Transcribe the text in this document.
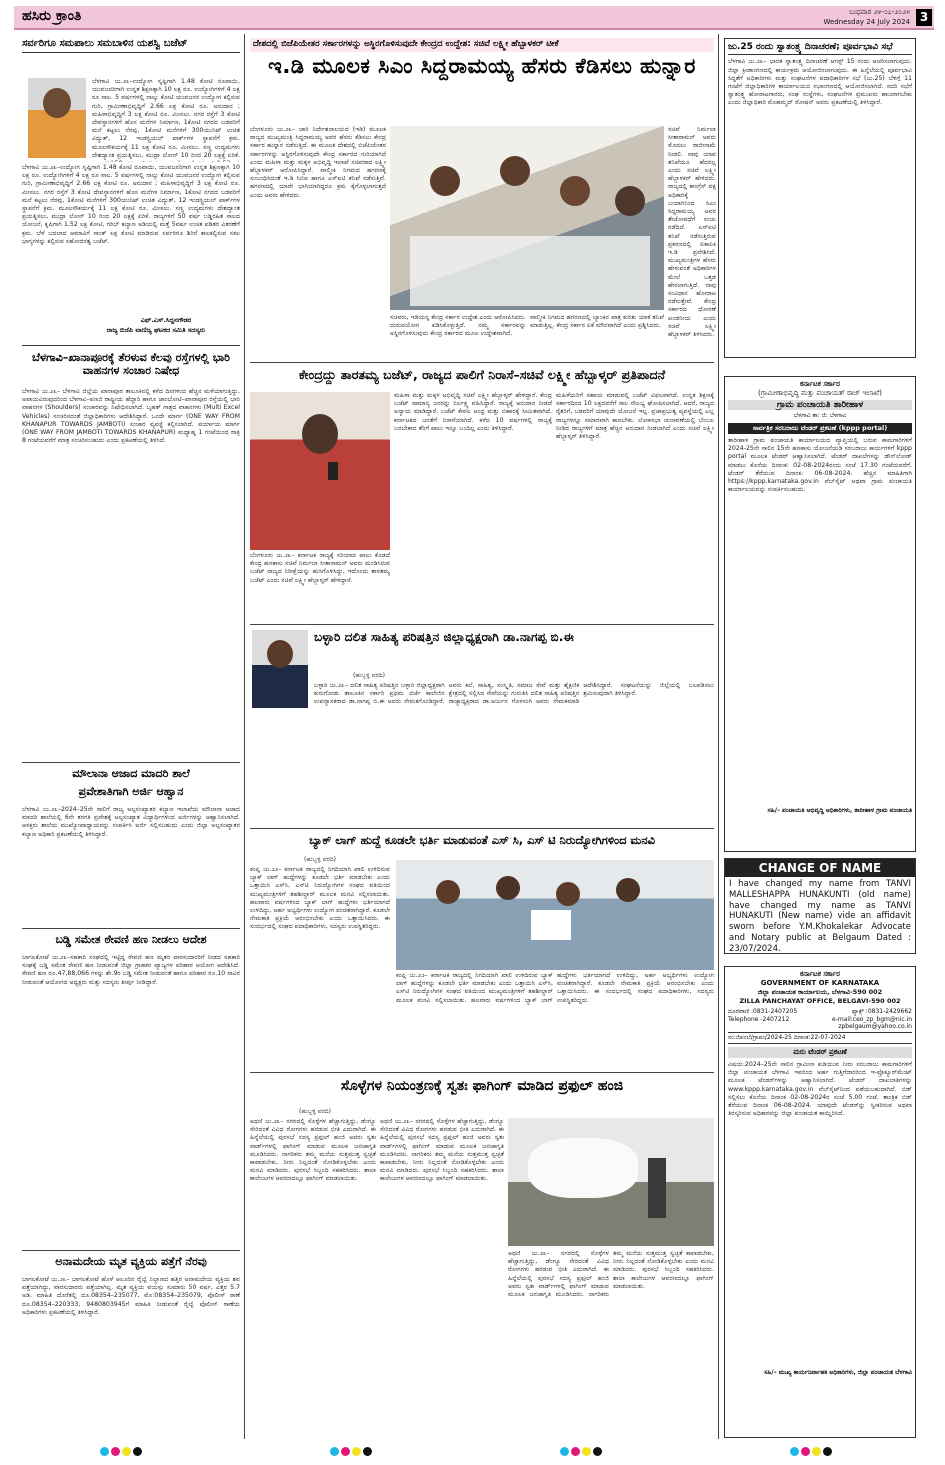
ಹಸಿರು ಕ್ರಾಂತಿ	ಬುಧವಾರ ೨೪-೦೭-೨೦೨೪
Wednesday 24 July 2024 3
ಸರ್ವರಿಗೂ ಸಮಪಾಲು ಸಮಬಾಳಿನ ಯಶಸ್ವಿ ಬಜೆಟ್
ಬೆಳಗಾವಿ ಜು.೨೩–ಉದ್ಯೋಗ ಸೃಷ್ಟಿಗಾಗಿ 1.48 ಕೋಟಿ ರೂಪಾಯಿ, ಯುವಜನರಿಗಾಗಿ ಉನ್ನತ ಶಿಕ್ಷಣಕ್ಕಾಗಿ 10 ಲಕ್ಷ ರೂ. ಉದ್ಯೋಗಿಗಳಿಗೆ 4 ಲಕ್ಷ ರೂ ಸಾಲ. 5 ವರ್ಷಗಳಲ್ಲಿ ನಾಲ್ಕು ಕೋಟಿ ಯುವಜನರ ಉದ್ಯೋಗ ಕಲ್ಪಿಸುವ ಗುರಿ, ಗ್ರಾಮೀಣಾಭಿವೃದ್ಧಿಗೆ 2.66 ಲಕ್ಷ ಕೋಟಿ ರೂ. ಅನುದಾನ ; ಮಹಿಳಾಭಿವೃದ್ಧಿಗೆ 3 ಲಕ್ಷ ಕೋಟಿ ರೂ. ಮೀಸಲು. ನಗರ ರಸ್ತೆಗೆ 3 ಕೋಟಿ ದೇವಸ್ಥಾನಗಳಿಗೆ ಹೊಸ ಮನೆಗಳ ನಿರ್ಮಾಣ, 1ಕೋಟಿ ನಗರದ ಬಡವರಿಗೆ ಮನೆ ಕಟ್ಟಲು ನೆರವು, 1ಕೋಟಿ ಮನೆಗಳಿಗೆ 300ಯುನಿಟ್ ಉಚಿತ ವಿದ್ಯುತ್, 12 ಇಂಡಸ್ಟ್ರಿಯಲ್ ಪಾರ್ಕ್‌ಗಳ ಸ್ಥಾಪನೆಗೆ ಕ್ರಮ. ಮೂಲಸೌಕರ್ಯಕ್ಕೆ 11 ಲಕ್ಷ ಕೋಟಿ ರೂ. ಮೀಸಲು. ಸಣ್ಣ ಉದ್ಯಮಗಳು ದೇಶದ್ಯಾಂತ ಪ್ರಯತ್ನಿಸಲು, ಮುದ್ರಾ ಲೋನ್ 10 ರಿಂದ 20 ಲಕ್ಷಕ್ಕೆ ಏರಿಕೆ.
ಬೆಳಗಾವಿ ಜು.೨೩–ಉದ್ಯೋಗ ಸೃಷ್ಟಿಗಾಗಿ 1.48 ಕೋಟಿ ರೂಪಾಯಿ, ಯುವಜನರಿಗಾಗಿ ಉನ್ನತ ಶಿಕ್ಷಣಕ್ಕಾಗಿ 10 ಲಕ್ಷ ರೂ. ಉದ್ಯೋಗಿಗಳಿಗೆ 4 ಲಕ್ಷ ರೂ ಸಾಲ. 5 ವರ್ಷಗಳಲ್ಲಿ ನಾಲ್ಕು ಕೋಟಿ ಯುವಜನರ ಉದ್ಯೋಗ ಕಲ್ಪಿಸುವ ಗುರಿ, ಗ್ರಾಮೀಣಾಭಿವೃದ್ಧಿಗೆ 2.66 ಲಕ್ಷ ಕೋಟಿ ರೂ. ಅನುದಾನ ; ಮಹಿಳಾಭಿವೃದ್ಧಿಗೆ 3 ಲಕ್ಷ ಕೋಟಿ ರೂ. ಮೀಸಲು. ನಗರ ರಸ್ತೆಗೆ 3 ಕೋಟಿ ದೇವಸ್ಥಾನಗಳಿಗೆ ಹೊಸ ಮನೆಗಳ ನಿರ್ಮಾಣ, 1ಕೋಟಿ ನಗರದ ಬಡವರಿಗೆ ಮನೆ ಕಟ್ಟಲು ನೆರವು, 1ಕೋಟಿ ಮನೆಗಳಿಗೆ 300ಯುನಿಟ್ ಉಚಿತ ವಿದ್ಯುತ್, 12 ಇಂಡಸ್ಟ್ರಿಯಲ್ ಪಾರ್ಕ್‌ಗಳ ಸ್ಥಾಪನೆಗೆ ಕ್ರಮ. ಮೂಲಸೌಕರ್ಯಕ್ಕೆ 11 ಲಕ್ಷ ಕೋಟಿ ರೂ. ಮೀಸಲು. ಸಣ್ಣ ಉದ್ಯಮಗಳು ದೇಶದ್ಯಾಂತ ಪ್ರಯತ್ನಿಸಲು, ಮುದ್ರಾ ಲೋನ್ 10 ರಿಂದ 20 ಲಕ್ಷಕ್ಕೆ ಏರಿಕೆ. ರಾಜ್ಯಗಳಿಗೆ 50 ವರ್ಷ ಬಡ್ಡಿರಹಿತ ಸಾಲದ ಯೋಜನೆ, ಕೃಷಿಗಾಗಿ 1.52 ಲಕ್ಷ ಕೋಟಿ, ಗರಿಬ್ ಕಲ್ಯಾಣ ಅಡಿಯಲ್ಲಿ ಮತ್ತೆ 5ವರ್ಷ ಉಚಿತ ಪಡಿತರ ವಿತರಣೆಗೆ ಕ್ರಮ. ಬೆಳೆ ಬದಲಾದ ಆಮಾವಿಗೆ ಸಾಂಕ್ ಲಕ್ಷ ಕೋಟಿ ಮಾಡಿರುವ ಸರ್ವರಿಗೂ ಶಿರಿನೆ ಕಾಲಕಲ್ಪಿಸುವ ಸಕಲ ಭಾಗ್ಯಗಳನ್ನು ಕಲ್ಪಿಸುವ ಸಹೋದರತ್ವ ಬಜೆಟ್.
ಎಫ್.ಎಸ್.ಸಿದ್ದನಗೌಡರ
ರಾಜ್ಯ ಬಿಜೆಪಿ ವಾಣಿಜ್ಯ ಘಟಕದ ಸಮಿತಿ ಸದಸ್ಯರು
ಬೆಳಗಾವಿ–ಖಾನಾಪೂರಕ್ಕೆ ತೆರಳುವ ಕೆಲವು ರಸ್ತೆಗಳಲ್ಲಿ ಭಾರಿ ವಾಹನಗಳ ಸಂಚಾರ ನಿಷೇಧ
ಬೆಳಗಾವಿ ಜು.೨೩– ಬೆಳಗಾವಿ ಜಿಲ್ಲೆಯ ಖಾನಾಪೂರ ತಾಲೂಕಿನಲ್ಲಿ ಕಳೆದ ದಿನಗಳಿಂದ ಹೆಚ್ಚಿನ ಮಳೆಯಾಗುತ್ತಿದ್ದು, ಅಪಾಯವಿರುವುದರಿಂದ ಬೆಳಗಾವಿ–ಪಣಜಿ ರಾಷ್ಟ್ರೀಯ ಹೆದ್ದಾರಿ ಹಾಗೂ ಜಾಂಬೋಟಿ–ಖಾನಾಪೂರ ರಸ್ತೆಯಲ್ಲಿ ಭಾರಿ ವಾಹನಗಳ (Shoulders) ಸಂಚಾರವನ್ನು ನಿಷೇಧಿಸಲಾಗಿದೆ. ಬೃಹತ್ ಗಾತ್ರದ ವಾಹನಗಳು (Multi Excel Vehicles) ಸಂಚರಿಸದಂತೆ ಜಿಲ್ಲಾಧಿಕಾರಿಗಳು ಆದೇಶಿಸಿದ್ದಾರೆ. ಒಂದೇ ಮಾರ್ಗ (ONE WAY FROM KHANAPUR TOWARDS JAMBOTI) ಸಂಚಾರ ವ್ಯವಸ್ಥೆ ಕಲ್ಪಿಸಲಾಗಿದೆ. ಪರ್ಯಾಯ ಮಾರ್ಗ (ONE WAY FROM JAMBOTI TOWARDS KHANAPUR) ಮಧ್ಯಾಹ್ನ 1 ಗಂಟೆಯಿಂದ ರಾತ್ರಿ 8 ಗಂಟೆಯವರೆಗೆ ಮಾತ್ರ ಸಂಚರಿಸಬಹುದು ಎಂದು ಪ್ರಕಟಣೆಯಲ್ಲಿ ತಿಳಿಸಿದೆ.
ಮೌಲಾನಾ ಆಜಾದ ಮಾದರಿ ಶಾಲೆ
ಪ್ರವೇಶಾತಿಗಾಗಿ ಅರ್ಜಿ ಆಹ್ವಾನ
ಬೆಳಗಾವಿ ಜು.೨೩–2024–25ನೇ ಸಾಲಿಗೆ ರಾಜ್ಯ ಅಲ್ಪಸಂಖ್ಯಾತರ ಕಲ್ಯಾಣ ಇಲಾಖೆಯ ಮೌಲಾನಾ ಆಜಾದ ಮಾದರಿ ಶಾಲೆಯಲ್ಲಿ 6ನೇ ತರಗತಿ ಪ್ರವೇಶಕ್ಕೆ ಅಲ್ಪಸಂಖ್ಯಾತ ವಿದ್ಯಾರ್ಥಿಗಳಿಂದ ಅರ್ಜಿಗಳನ್ನು ಆಹ್ವಾನಿಸಲಾಗಿದೆ. ಆಸಕ್ತರು ಶಾಲೆಯ ಮುಖ್ಯೋಪಾಧ್ಯಾಯರನ್ನು ಸಂಪರ್ಕಿಸಿ ಅರ್ಜಿ ಸಲ್ಲಿಸಬಹುದು ಎಂದು ಜಿಲ್ಲಾ ಅಲ್ಪಸಂಖ್ಯಾತರ ಕಲ್ಯಾಣ ಅಧಿಕಾರಿ ಪ್ರಕಟಣೆಯಲ್ಲಿ ತಿಳಿಸಿದ್ದಾರೆ.
ಬಡ್ಡಿ ಸಮೇತ ಠೇವಣಿ ಹಣ ನೀಡಲು ಆದೇಶ
ಬಾಗಲಕೋಟೆ ಜು.೨೩–ಸಹಕಾರಿ ಸಂಘದಲ್ಲಿ ಇಟ್ಟಿದ್ದ ಠೇವಣಿ ಹಣ ಮೃತರ ವಾರಸುದಾರರಿಗೆ ನೀಡದ ಸಹಕಾರಿ ಸಂಘಕ್ಕೆ ಬಡ್ಡಿ ಸಮೇತ ಠೇವಣಿ ಹಣ ನೀಡುವಂತೆ ಜಿಲ್ಲಾ ಗ್ರಾಹಕರ ವ್ಯಾಜ್ಯಗಳ ಪರಿಹಾರ ಆಯೋಗ ಆದೇಶಿಸಿದೆ. ಠೇವಣಿ ಹಣ ರೂ.47,88,066 ಗಳನ್ನು ಶೇ.9ರ ಬಡ್ಡಿ ಸಮೇತ ನೀಡುವಂತೆ ಹಾಗೂ ಪರಿಹಾರ ರೂ.10 ಸಾವಿರ ನೀಡುವಂತೆ ಆಯೋಗದ ಅಧ್ಯಕ್ಷರು ಮತ್ತು ಸದಸ್ಯರು ತೀರ್ಪು ನೀಡಿದ್ದಾರೆ.
ಅನಾಮದೇಯ ಮೃತ ವ್ಯಕ್ತಿಯ ಪತ್ತೆಗೆ ನೆರವು
ಬಾಗಲಕೋಟೆ ಜು.೨೩– ಬಾಗಲಕೋಟೆ ಹೊಳೆ ಆಲೂರಿನ ರೈಲ್ವೆ ನಿಲ್ದಾಣದ ಹತ್ತಿರ ಅನಾಮದೇಯ ವ್ಯಕ್ತಿಯ ಶವ ಪತ್ತೆಯಾಗಿದ್ದು, ವಾರಸುದಾರರು ಪತ್ತೆಯಾಗಿಲ್ಲ. ಮೃತ ವ್ಯಕ್ತಿಯ ವಯಸ್ಸು ಸುಮಾರು 50 ವರ್ಷ, ಎತ್ತರ 5.7 ಅಡಿ. ಮಾಹಿತಿ ದೊರೆತಲ್ಲಿ ದೂ.08354–235077, ಮೊ:08354–235079, ಪೊಲೀಸ್ ಠಾಣೆ ದೂ.08354–220333, 9480803945ಗೆ ಮಾಹಿತಿ ನೀಡುವಂತೆ ರೈಲ್ವೆ ಪೊಲೀಸ್ ಠಾಣೆಯ ಅಧಿಕಾರಿಗಳು ಪ್ರಕಟಣೆಯಲ್ಲಿ ತಿಳಿಸಿದ್ದಾರೆ.
ದೇಶದಲ್ಲಿ ಬಿಜೆಪಿಯೇತರ ಸರ್ಕಾರಗಳನ್ನು ಅಸ್ಥಿರಗೊಳಿಸುವುದೇ ಕೇಂದ್ರದ ಉದ್ದೇಶ: ಸಚಿವೆ ಲಕ್ಷ್ಮೀ ಹೆಬ್ಬಾಳಕರ್ ಟೀಕೆ
ಇ.ಡಿ ಮೂಲಕ ಸಿಎಂ ಸಿದ್ದರಾಮಯ್ಯ ಹೆಸರು ಕೆಡಿಸಲು ಹುನ್ನಾರ
ಬೆಂಗಳೂರು ಜು.೨೩– ಜಾರಿ ನಿರ್ದೇಶನಾಲಯದ (ಇಡಿ) ಮೂಲಕ ರಾಜ್ಯದ ಮುಖ್ಯಮಂತ್ರಿ ಸಿದ್ದರಾಮಯ್ಯ ಅವರ ಹೆಸರು ಕೆಡಿಸಲು ಕೇಂದ್ರ ಸರ್ಕಾರ ಹುನ್ನಾರ ನಡೆಸುತ್ತಿದೆ. ಈ ಮೂಲಕ ದೇಶದಲ್ಲಿ ಬಿಜೆಪಿಯೇತರ ಸರ್ಕಾರಗಳನ್ನು ಅಸ್ಥಿರಗೊಳಿಸುವುದೇ ಕೇಂದ್ರ ಸರ್ಕಾರದ ಗುರಿಯಾಗಿದೆ ಎಂದು ಮಹಿಳಾ ಮತ್ತು ಮಕ್ಕಳ ಅಭಿವೃದ್ಧಿ ಇಲಾಖೆ ಸಚಿವರಾದ ಲಕ್ಷ್ಮೀ ಹೆಬ್ಬಾಳಕರ್ ಆರೋಪಿಸಿದ್ದಾರೆ. ವಾಲ್ಮೀಕಿ ನಿಗಮದ ಹಗರಣಕ್ಕೆ ಸಂಬಂಧಿಸಿದಂತೆ ಇ.ಡಿ ಸಿಬಿಐ ಹಾಗೂ ಎಸ್ಐಟಿ ತನಿಖೆ ನಡೆಸುತ್ತಿವೆ. ಹಗರಣದಲ್ಲಿ ಯಾರೇ ಭಾಗಿಯಾಗಿದ್ದರೂ ಕ್ರಮ ಕೈಗೊಳ್ಳಲಾಗುತ್ತದೆ ಎಂದು ಅವರು ಹೇಳಿದರು.
ಸಚಿವರು, ಇಡಿಯನ್ನ ಕೇಂದ್ರ ಸರ್ಕಾರ ಉದ್ದೇಶ ಎಂದು ಆರೋಪಿಸಿದರು. ದುರುಪಯೋಗ ಪಡಿಸಿಕೊಳ್ಳುತ್ತಿದೆ. ನಮ್ಮ ಸರ್ಕಾರವನ್ನು ಅಸ್ಥಿರಗೊಳಿಸುವುದು ಕೇಂದ್ರ ಸರ್ಕಾರದ ಮೂಲ ಉದ್ದೇಶವಾಗಿದೆ.
ವಾಲ್ಮೀಕಿ ನಿಗಮದ ಹಗರಣದಲ್ಲಿ ಬ್ಯಾಂಕಿನ ಪಾತ್ರ ಕುರಿತು ಯಾಕೆ ತನಿಖೆ ಮಾಡುತ್ತಿಲ್ಲ. ಕೇಂದ್ರ ಸರ್ಕಾರ ಏಕೆ ಮೌನವಾಗಿದೆ ಎಂದು ಪ್ರಶ್ನಿಸಿದರು.
ಸಚಿವೆ ನಿರ್ಮಲಾ ಸೀತಾರಾಮನ್ ಅವರು ಮೊದಲು ರಾಜೀನಾಮೆ ನೀಡಲಿ. ನಾವು ಯಾವ ತನಿಖೆಯೂ ಹೆದರಲ್ಲ ಎಂದು ಸಚಿವೆ ಲಕ್ಷ್ಮೀ ಹೆಬ್ಬಾಳಕರ್ ಹೇಳಿದರು. ರಾಜ್ಯದಲ್ಲಿ ಕಾಂಗ್ರೆಸ್ ಪಕ್ಷ ಅಧಿಕಾರಕ್ಕೆ ಬಂದಾಗಿನಿಂದ ಸಿಎಂ ಸಿದ್ದರಾಮಯ್ಯ ಅವರ ತೇಜೋವಧೆಗೆ ಸಂಚು ನಡೆದಿದೆ. ಎಸ್ಐಟಿ ತನಿಖೆ ನಡೆಸುತ್ತಿರುವ ಪ್ರಕರಣದಲ್ಲಿ ಏಕಾಏಕಿ ಇ.ಡಿ ಪ್ರವೇಶಿಸಿದೆ. ಮುಖ್ಯಮಂತ್ರಿಗಳ ಹೆಸರು ಹೇಳುವಂತೆ ಅಧಿಕಾರಿಗಳ ಮೇಲೆ ಒತ್ತಡ ಹೇರಲಾಗುತ್ತಿದೆ. ನಾವು ಸಂವಿಧಾನ ಹೋರಾಟ ನಡೆಸುತ್ತೇವೆ. ಕೇಂದ್ರ ಸರ್ಕಾರದ ಧೋರಣೆ ಖಂಡನೀಯ ಎಂದು ಸಚಿವೆ ಲಕ್ಷ್ಮೀ ಹೆಬ್ಬಾಳಕರ್ ತಿಳಿಸಿದರು.
ಜು.25 ರಂದು ಸ್ವಾತಂತ್ರ್ಯ ದಿನಾಚರಣೆ; ಪೂರ್ವಭಾವಿ ಸಭೆ
ಬೆಳಗಾವಿ ಜು.೨೩– ಭಾರತ ಸ್ವಾತಂತ್ರ್ಯ ದಿನಾಚರಣೆ ಆಗಸ್ಟ್ 15 ರಂದು ಆಚರಿಸಲಾಗುವುದು. ಜಿಲ್ಲಾ ಕ್ರೀಡಾಂಗಣದಲ್ಲಿ ಕಾರ್ಯಕ್ರಮ ಆಯೋಜಿಸಲಾಗುವುದು. ಈ ಹಿನ್ನೆಲೆಯಲ್ಲಿ ಪೂರ್ವಭಾವಿ ಸಿದ್ಧತೆಗೆ ಅಧಿಕಾರಿಗಳು ಮತ್ತು ಸಂಘಟನೆಗಳ ಪದಾಧಿಕಾರಿಗಳ ಸಭೆ (ಜು.25) ಬೆಳಿಗ್ಗೆ 11 ಗಂಟೆಗೆ ಜಿಲ್ಲಾಧಿಕಾರಿಗಳ ಕಾರ್ಯಾಲಯದ ಸಭಾಂಗಣದಲ್ಲಿ ಆಯೋಜಿಸಲಾಗಿದೆ. ಸದರಿ ಸಭೆಗೆ ಸ್ವಾತಂತ್ರ್ಯ ಹೋರಾಟಗಾರರು, ಸಂಘ ಸಂಸ್ಥೆಗಳು, ಸಂಘಟನೆಗಳ ಪ್ರಮುಖರು ಹಾಜರಾಗಬೇಕು ಎಂದು ಜಿಲ್ಲಾಧಿಕಾರಿ ಮೊಹಮ್ಮದ್ ರೋಷನ್ ಅವರು ಪ್ರಕಟಣೆಯಲ್ಲಿ ತಿಳಿಸಿದ್ದಾರೆ.
ಕೇಂದ್ರದ್ದು ತಾರತಮ್ಯ ಬಜೆಟ್, ರಾಜ್ಯದ ಪಾಲಿಗೆ ನಿರಾಸೆ–ಸಚಿವೆ ಲಕ್ಷ್ಮೀ ಹೆಬ್ಬಾಳ್ಕರ್ ಪ್ರತಿಪಾದನೆ
ಬೆಂಗಳೂರು ಜು.೨೩– ಕರ್ನಾಟಕ ರಾಜ್ಯಕ್ಕೆ ಸರಿಯಾದ ಪಾಲು ಕೊಡದೆ ಕೇಂದ್ರ ಹಣಕಾಸು ಸಚಿವೆ ನಿರ್ಮಲಾ ಸೀತಾರಾಮನ್ ಅವರು ಮಂಡಿಸಿರುವ ಬಜೆಟ್ ರಾಜ್ಯದ ನಿರೀಕ್ಷೆಯನ್ನು ಹುಸಿಗೊಳಿಸಿದ್ದು, ಇದೊಂದು ತಾರತಮ್ಯ ಬಜೆಟ್ ಎಂದು ಸಚಿವೆ ಲಕ್ಷ್ಮೀ ಹೆಬ್ಬಾಳ್ಕರ್ ಹೇಳಿದ್ದಾರೆ.
ಮಹಿಳಾ ಮತ್ತು ಮಕ್ಕಳ ಅಭಿವೃದ್ಧಿ ಸಚಿವೆ ಲಕ್ಷ್ಮೀ ಹೆಬ್ಬಾಳ್ಕರ್ ಹೇಳಿದ್ದಾರೆ. ಕೇಂದ್ರ ಬಜೆಟ್ ಸಾಮಾನ್ಯ ಜನರನ್ನು ನಿರ್ಲಕ್ಷ್ಯ ವಹಿಸಿದ್ದಾರೆ. ರಾಜ್ಯಕ್ಕೆ ಅನುದಾನ ನೀಡದೆ ಅನ್ಯಾಯ ಮಾಡಿದ್ದಾರೆ. ಬಜೆಟ್ ಕೇವಲ ಆಂಧ್ರ ಮತ್ತು ಬಿಹಾರಕ್ಕೆ ಸೀಮಿತವಾಗಿದೆ. ಕರ್ನಾಟಕದ ಜನತೆಗೆ ನಿರಾಸೆಯಾಗಿದೆ. ಕಳೆದ 10 ವರ್ಷಗಳಲ್ಲಿ ರಾಜ್ಯಕ್ಕೆ ಬರಬೇಕಾದ ತೆರಿಗೆ ಪಾಲು ಇನ್ನೂ ಬಂದಿಲ್ಲ ಎಂದು ತಿಳಿಸಿದ್ದಾರೆ.
ಮಹಿಳೆಯರಿಗೆ ಸಹಾಯ ಮಾಡುವಲ್ಲಿ ಬಜೆಟ್ ವಿಫಲವಾಗಿದೆ. ಉನ್ನತ ಶಿಕ್ಷಣಕ್ಕೆ ಸರ್ಕಾರದಿಂದ 10 ಲಕ್ಷದವರೆಗೆ ಸಾಲ ಸೌಲಭ್ಯ ಘೋಷಿಸಲಾಗಿದೆ. ಆದರೆ, ರಾಜ್ಯದ ರೈತರಿಗೆ, ಬಡವರಿಗೆ ಯಾವುದೇ ಯೋಜನೆ ಇಲ್ಲ. ಪ್ರಜಾಪ್ರಭುತ್ವ ವ್ಯವಸ್ಥೆಯಲ್ಲಿ ಎಲ್ಲ ರಾಜ್ಯಗಳನ್ನೂ ಸಮಾನವಾಗಿ ಕಾಣಬೇಕು. ಲೋಕಸಭಾ ಚುನಾವಣೆಯಲ್ಲಿ ಬೆಂಬಲ ನೀಡಿದ ರಾಜ್ಯಗಳಿಗೆ ಮಾತ್ರ ಹೆಚ್ಚಿನ ಅನುದಾನ ನೀಡಲಾಗಿದೆ ಎಂದು ಸಚಿವೆ ಲಕ್ಷ್ಮೀ ಹೆಬ್ಬಾಳ್ಕರ್ ತಿಳಿಸಿದ್ದಾರೆ.
ಬಳ್ಳಾರಿ ದಲಿತ ಸಾಹಿತ್ಯ ಪರಿಷತ್ತಿನ ಜಿಲ್ಲಾಧ್ಯಕ್ಷರಾಗಿ ಡಾ.ನಾಗಪ್ಪ ಬಿ.ಈ
(ಹುಬ್ಬಳ್ಳಿ ವರದಿ)
ಬಳ್ಳಾರಿ ಜು.೨೩– ದಲಿತ ಸಾಹಿತ್ಯ ಪರಿಷತ್ತಿನ ಬಳ್ಳಾರಿ ಜಿಲ್ಲಾಧ್ಯಕ್ಷರಾಗಿ ಕುರುಗೋಡು ತಾಲೂಕಿನ ಸರ್ಕಾರಿ ಪ್ರಥಮ ದರ್ಜೆ ಕಾಲೇಜಿನ ಉಪನ್ಯಾಸಕರಾದ ಡಾ.ನಾಗಪ್ಪ ಬಿ.ಈ ಅವರು ನೇಮಕಗೊಂಡಿದ್ದಾರೆ. ಅವರು ಕಲೆ, ಸಾಹಿತ್ಯ, ಸಂಸ್ಕೃತಿ, ಸಮಾಜ ಸೇವೆ ಮತ್ತು ಶೈಕ್ಷಣಿಕ ಕ್ಷೇತ್ರದಲ್ಲಿ ಸಲ್ಲಿಸಿದ ಸೇವೆಯನ್ನು ಗುರುತಿಸಿ ದಲಿತ ಸಾಹಿತ್ಯ ಪರಿಷತ್ತಿನ ರಾಜ್ಯಾಧ್ಯಕ್ಷರಾದ ಡಾ.ಅರ್ಜುನ ಗೊಳಸಂಗಿ ಅವರು ನೇಮಕಮಾಡಿ ಆದೇಶಿಸಿದ್ದಾರೆ. ಸಂಘಟನೆಯನ್ನು ಜಿಲ್ಲೆಯಲ್ಲಿ ಬಲಪಡಿಸಲು ಶ್ರಮಿಸುವುದಾಗಿ ತಿಳಿಸಿದ್ದಾರೆ.
ಬ್ಯಾಕ್ ಲಾಗ್ ಹುದ್ದೆ ಕೂಡಲೇ ಭರ್ತಿ ಮಾಡುವಂತೆ ಎಸ್ ಸಿ, ಎಸ್ ಟಿ ನಿರುದ್ಯೋಗಿಗಳಿಂದ ಮನವಿ
(ಹುಬ್ಬಳ್ಳಿ ವರದಿ)
ಕಂಪ್ಲಿ ಜು.೨೨– ಕರ್ನಾಟಕ ರಾಜ್ಯದಲ್ಲಿ ನಿಗದಿಯಾಗಿ ಖಾಲಿ ಉಳಿದಿರುವ ಬ್ಯಾಕ್ ಲಾಗ್ ಹುದ್ದೆಗಳನ್ನು ಕೂಡಲೇ ಭರ್ತಿ ಮಾಡಬೇಕು ಎಂದು ಒತ್ತಾಯಿಸಿ ಎಸ್‌ಸಿ, ಎಸ್‌ಟಿ ನಿರುದ್ಯೋಗಿಗಳ ಸಂಘದ ವತಿಯಿಂದ ಮುಖ್ಯಮಂತ್ರಿಗಳಿಗೆ ತಹಶೀಲ್ದಾರ್ ಮೂಲಕ ಮನವಿ ಸಲ್ಲಿಸಲಾಯಿತು. ಹಲವಾರು ವರ್ಷಗಳಿಂದ ಬ್ಯಾಕ್ ಲಾಗ್ ಹುದ್ದೆಗಳು ಭರ್ತಿಯಾಗದೆ ಉಳಿದಿದ್ದು, ಅರ್ಹ ಅಭ್ಯರ್ಥಿಗಳು ಉದ್ಯೋಗ ವಂಚಿತರಾಗಿದ್ದಾರೆ. ಕೂಡಲೇ ನೇಮಕಾತಿ ಪ್ರಕ್ರಿಯೆ ಆರಂಭಿಸಬೇಕು ಎಂದು ಒತ್ತಾಯಿಸಿದರು. ಈ ಸಂದರ್ಭದಲ್ಲಿ ಸಂಘದ ಪದಾಧಿಕಾರಿಗಳು, ಸದಸ್ಯರು ಉಪಸ್ಥಿತರಿದ್ದರು.
ಕಂಪ್ಲಿ ಜು.೨೨– ಕರ್ನಾಟಕ ರಾಜ್ಯದಲ್ಲಿ ನಿಗದಿಯಾಗಿ ಖಾಲಿ ಉಳಿದಿರುವ ಬ್ಯಾಕ್ ಲಾಗ್ ಹುದ್ದೆಗಳನ್ನು ಕೂಡಲೇ ಭರ್ತಿ ಮಾಡಬೇಕು ಎಂದು ಒತ್ತಾಯಿಸಿ ಎಸ್‌ಸಿ, ಎಸ್‌ಟಿ ನಿರುದ್ಯೋಗಿಗಳ ಸಂಘದ ವತಿಯಿಂದ ಮುಖ್ಯಮಂತ್ರಿಗಳಿಗೆ ತಹಶೀಲ್ದಾರ್ ಮೂಲಕ ಮನವಿ ಸಲ್ಲಿಸಲಾಯಿತು. ಹಲವಾರು ವರ್ಷಗಳಿಂದ ಬ್ಯಾಕ್ ಲಾಗ್ ಹುದ್ದೆಗಳು ಭರ್ತಿಯಾಗದೆ ಉಳಿದಿದ್ದು, ಅರ್ಹ ಅಭ್ಯರ್ಥಿಗಳು ಉದ್ಯೋಗ ವಂಚಿತರಾಗಿದ್ದಾರೆ. ಕೂಡಲೇ ನೇಮಕಾತಿ ಪ್ರಕ್ರಿಯೆ ಆರಂಭಿಸಬೇಕು ಎಂದು ಒತ್ತಾಯಿಸಿದರು. ಈ ಸಂದರ್ಭದಲ್ಲಿ ಸಂಘದ ಪದಾಧಿಕಾರಿಗಳು, ಸದಸ್ಯರು ಉಪಸ್ಥಿತರಿದ್ದರು.
ಸೊಳ್ಳೆಗಳ ನಿಯಂತ್ರಣಕ್ಕೆ ಸ್ವತಃ ಫಾಗಿಂಗ್ ಮಾಡಿದ ಪ್ರಫುಲ್ ಹಂಜಿ
(ಹುಬ್ಬಳ್ಳಿ ವರದಿ)
ಅಥಣಿ ಜು.೨೩– ನಗರದಲ್ಲಿ ಸೊಳ್ಳೆಗಳ ಹೆಚ್ಚಾಗುತ್ತಿದ್ದು, ಡೆಂಗ್ಯೂ ಸೇರಿದಂತೆ ವಿವಿಧ ರೋಗಗಳು ಹರಡುವ ಭೀತಿ ಎದುರಾಗಿದೆ. ಈ ಹಿನ್ನೆಲೆಯಲ್ಲಿ ಪುರಸಭೆ ಸದಸ್ಯ ಪ್ರಫುಲ್ ಹಂಜಿ ಅವರು ಸ್ವತಃ ವಾರ್ಡ್‌ಗಳಲ್ಲಿ ಫಾಗಿಂಗ್ ಮಾಡುವ ಮೂಲಕ ಜನಜಾಗೃತಿ ಮೂಡಿಸಿದರು. ನಾಗರಿಕರು ತಮ್ಮ ಮನೆಯ ಸುತ್ತಮುತ್ತ ಸ್ವಚ್ಛತೆ ಕಾಪಾಡಬೇಕು, ನೀರು ನಿಲ್ಲದಂತೆ ನೋಡಿಕೊಳ್ಳಬೇಕು ಎಂದು ಮನವಿ ಮಾಡಿದರು. ಪುರಸಭೆ ಸಿಬ್ಬಂದಿ ಸಹಕರಿಸಿದರು. ಶಾಲಾ ಕಾಲೇಜುಗಳ ಆವರಣದಲ್ಲೂ ಫಾಗಿಂಗ್ ಮಾಡಲಾಯಿತು.
ಅಥಣಿ ಜು.೨೩– ನಗರದಲ್ಲಿ ಸೊಳ್ಳೆಗಳ ಹೆಚ್ಚಾಗುತ್ತಿದ್ದು, ಡೆಂಗ್ಯೂ ಸೇರಿದಂತೆ ವಿವಿಧ ರೋಗಗಳು ಹರಡುವ ಭೀತಿ ಎದುರಾಗಿದೆ. ಈ ಹಿನ್ನೆಲೆಯಲ್ಲಿ ಪುರಸಭೆ ಸದಸ್ಯ ಪ್ರಫುಲ್ ಹಂಜಿ ಅವರು ಸ್ವತಃ ವಾರ್ಡ್‌ಗಳಲ್ಲಿ ಫಾಗಿಂಗ್ ಮಾಡುವ ಮೂಲಕ ಜನಜಾಗೃತಿ ಮೂಡಿಸಿದರು. ನಾಗರಿಕರು ತಮ್ಮ ಮನೆಯ ಸುತ್ತಮುತ್ತ ಸ್ವಚ್ಛತೆ ಕಾಪಾಡಬೇಕು, ನೀರು ನಿಲ್ಲದಂತೆ ನೋಡಿಕೊಳ್ಳಬೇಕು ಎಂದು ಮನವಿ ಮಾಡಿದರು. ಪುರಸಭೆ ಸಿಬ್ಬಂದಿ ಸಹಕರಿಸಿದರು. ಶಾಲಾ ಕಾಲೇಜುಗಳ ಆವರಣದಲ್ಲೂ ಫಾಗಿಂಗ್ ಮಾಡಲಾಯಿತು.
ಅಥಣಿ ಜು.೨೩– ನಗರದಲ್ಲಿ ಸೊಳ್ಳೆಗಳ ಹೆಚ್ಚಾಗುತ್ತಿದ್ದು, ಡೆಂಗ್ಯೂ ಸೇರಿದಂತೆ ವಿವಿಧ ರೋಗಗಳು ಹರಡುವ ಭೀತಿ ಎದುರಾಗಿದೆ. ಈ ಹಿನ್ನೆಲೆಯಲ್ಲಿ ಪುರಸಭೆ ಸದಸ್ಯ ಪ್ರಫುಲ್ ಹಂಜಿ ಅವರು ಸ್ವತಃ ವಾರ್ಡ್‌ಗಳಲ್ಲಿ ಫಾಗಿಂಗ್ ಮಾಡುವ ಮೂಲಕ ಜನಜಾಗೃತಿ ಮೂಡಿಸಿದರು. ನಾಗರಿಕರು ತಮ್ಮ ಮನೆಯ ಸುತ್ತಮುತ್ತ ಸ್ವಚ್ಛತೆ ಕಾಪಾಡಬೇಕು, ನೀರು ನಿಲ್ಲದಂತೆ ನೋಡಿಕೊಳ್ಳಬೇಕು ಎಂದು ಮನವಿ ಮಾಡಿದರು. ಪುರಸಭೆ ಸಿಬ್ಬಂದಿ ಸಹಕರಿಸಿದರು. ಶಾಲಾ ಕಾಲೇಜುಗಳ ಆವರಣದಲ್ಲೂ ಫಾಗಿಂಗ್ ಮಾಡಲಾಯಿತು.
ಕರ್ನಾಟಕ ಸರ್ಕಾರ
(ಗ್ರಾಮೀಣಾಭಿವೃದ್ಧಿ ಮತ್ತು ಪಂಚಾಯತ್ ರಾಜ್ ಇಲಾಖೆ)
ಗ್ರಾಮ ಪಂಚಾಯತಿ ತಾರೀಹಾಳ
ಬೆಳಗಾವಿ ತಾ: ಜಿ: ಬೆಳಗಾವಿ
ಸಾರ್ವತ್ರಿಕ ಸರಬರಾಜು ಟೆಂಡರ್ ಪ್ರಕಟಣೆ (kppp portal)
ತಾರೀಹಾಳ ಗ್ರಾಮ ಪಂಚಾಯತಿ ಕಾರ್ಯಾಲಯದ ವ್ಯಾಪ್ತಿಯಲ್ಲಿ ಬರುವ ಕಾಮಗಾರಿಗಳಿಗೆ 2024-25ನೇ ಸಾಲಿನ 15ನೇ ಹಣಕಾಸು ಯೋಜನೆಯಡಿ ಸರಬರಾಜು ಕಾರ್ಯಗಳಿಗೆ kppp portal ಮೂಲಕ ಟೆಂಡರ್ ಆಹ್ವಾನಿಸಲಾಗಿದೆ. ಟೆಂಡರ್ ದಾಖಲೆಗಳನ್ನು ಡೌನ್‌ಲೋಡ್ ಮಾಡಲು ಕೊನೆಯ ದಿನಾಂಕ: 02-08-2024ರಂದು ಸಂಜೆ 17.30 ಗಂಟೆಯವರೆಗೆ. ಟೆಂಡರ್ ತೆರೆಯುವ ದಿನಾಂಕ: 06-08-2024. ಹೆಚ್ಚಿನ ಮಾಹಿತಿಗಾಗಿ https://kppp.karnataka.gov.in ವೆಬ್‌ಸೈಟ್ ಅಥವಾ ಗ್ರಾಮ ಪಂಚಾಯತಿ ಕಾರ್ಯಾಲಯವನ್ನು ಸಂಪರ್ಕಿಸಬಹುದು.
ಸಹಿ/– ಪಂಚಾಯತಿ ಅಭಿವೃದ್ಧಿ ಅಧಿಕಾರಿಗಳು, ತಾರೀಹಾಳ ಗ್ರಾಮ ಪಂಚಾಯತಿ
CHANGE OF NAME
I have changed my name from TANVI MALLESHAPPA HUNAKUNTI (old name) have changed my name as TANVI HUNAKUTI (New name) vide an affidavit sworn before Y.M.Khokalekar Advocate and Notary public at Belgaum Dated : 23/07/2024.
ಕರ್ನಾಟಕ ಸರ್ಕಾರ
GOVERNMENT OF KARNATAKA
ಜಿಲ್ಲಾ ಪಂಚಾಯತ ಕಾರ್ಯಾಲಯ, ಬೆಳಗಾವಿ-590 002
ZILLA PANCHAYAT OFFICE, BELGAVI-590 002
ದೂರವಾಣಿ :0831-2407205
Telephone -2407212
ಫ್ಯಾಕ್ಸ್ :0831-2429662
e-mail:ceo_zp_bgm@nic.in zpbelgaum@yahoo.co.in
ಸಂ:ಜಿಪಂಬೆ/ಗ್ರಾಪಂ/2024-25 ದಿನಾಂಕ:22-07-2024
ಮರು ಟೆಂಡರ್ ಪ್ರಕಟಣೆ
ವಿಷಯ:2024–25ನೇ ಸಾಲಿನ ಗ್ರಾಮೀಣ ಕುಡಿಯುವ ನೀರು ಸರಬರಾಜು ಕಾಮಗಾರಿಗಳಿಗೆ ಜಿಲ್ಲಾ ಪಂಚಾಯತ ಬೆಳಗಾವಿ ಇವರಿಂದ ಅರ್ಹ ಗುತ್ತಿಗೆದಾರರಿಂದ ಇ-ಪ್ರೊಕ್ಯೂರ್‌ಮೆಂಟ್ ಮೂಲಕ ಟೆಂಡರ್‌ಗಳನ್ನು ಆಹ್ವಾನಿಸಲಾಗಿದೆ. ಟೆಂಡರ್ ದಾಖಲಾತಿಗಳನ್ನು www.kppp.karnataka.gov.in ವೆಬ್‌ಸೈಟ್‌ನಿಂದ ಪಡೆಯಬಹುದಾಗಿದೆ. ಬಿಡ್ ಸಲ್ಲಿಸಲು ಕೊನೆಯ ದಿನಾಂಕ 02-08-2024ರ ಸಂಜೆ 5.00 ಗಂಟೆ. ತಾಂತ್ರಿಕ ಬಿಡ್ ತೆರೆಯುವ ದಿನಾಂಕ 06-08-2024. ಯಾವುದೇ ಟೆಂಡರ್‌ನ್ನು ಸ್ವೀಕರಿಸುವ ಅಥವಾ ತಿರಸ್ಕರಿಸುವ ಅಧಿಕಾರವನ್ನು ಜಿಲ್ಲಾ ಪಂಚಾಯತ ಕಾಯ್ದಿರಿಸಿದೆ.
ಸಹಿ/– ಮುಖ್ಯ ಕಾರ್ಯನಿರ್ವಾಹಕ ಅಧಿಕಾರಿಗಳು, ಜಿಲ್ಲಾ ಪಂಚಾಯತ ಬೆಳಗಾವಿ
